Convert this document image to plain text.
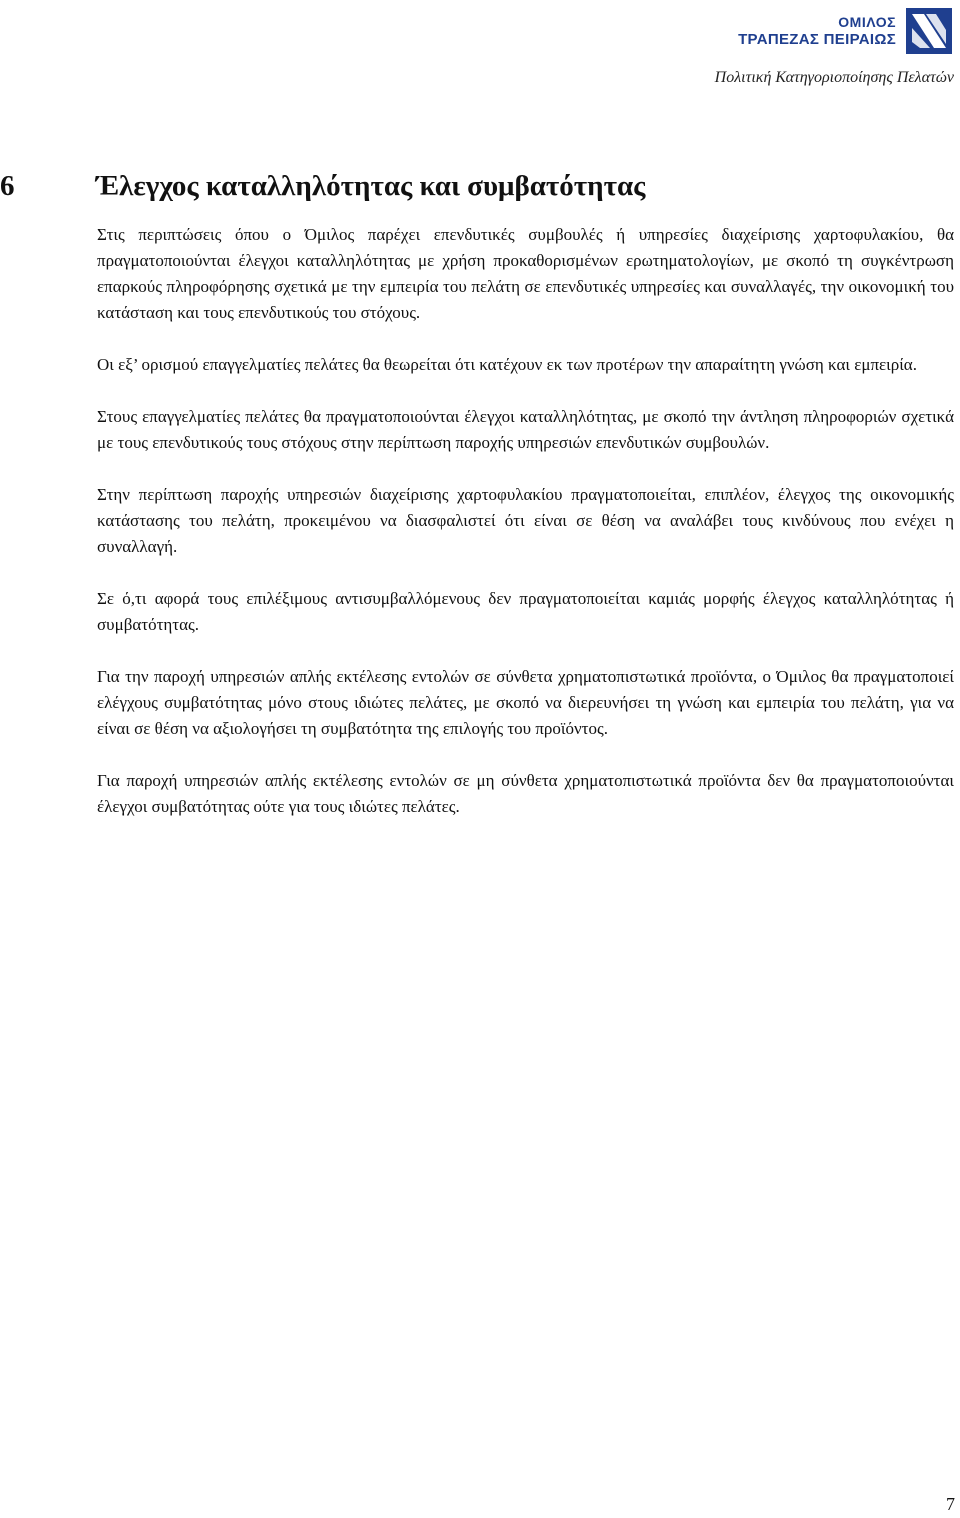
ΟΜΙΛΟΣ
ΤΡΑΠΕΖΑΣ ΠΕΙΡΑΙΩΣ
Πολιτική Κατηγοριοποίησης Πελατών
6	Έλεγχος καταλληλότητας και συμβατότητας

Στις περιπτώσεις όπου ο Όμιλος παρέχει επενδυτικές συμβουλές ή υπηρεσίες διαχείρισης χαρτοφυλακίου, θα πραγματοποιούνται έλεγχοι καταλληλότητας με χρήση προκαθορισμένων ερωτηματολογίων, με σκοπό τη συγκέντρωση επαρκούς πληροφόρησης σχετικά με την εμπειρία του πελάτη σε επενδυτικές υπηρεσίες και συναλλαγές, την οικονομική του κατάσταση και τους επενδυτικούς του στόχους.

Οι εξ’ ορισμού επαγγελματίες πελάτες θα θεωρείται ότι κατέχουν εκ των προτέρων την απαραίτητη γνώση και εμπειρία.

Στους επαγγελματίες πελάτες θα πραγματοποιούνται έλεγχοι καταλληλότητας, με σκοπό την άντληση πληροφοριών σχετικά με τους επενδυτικούς τους στόχους στην περίπτωση παροχής υπηρεσιών επενδυτικών συμβουλών.

Στην περίπτωση παροχής υπηρεσιών διαχείρισης χαρτοφυλακίου πραγματοποιείται, επιπλέον, έλεγχος της οικονομικής κατάστασης του πελάτη, προκειμένου να διασφαλιστεί ότι είναι σε θέση να αναλάβει τους κινδύνους που ενέχει η συναλλαγή.

Σε ό,τι αφορά τους επιλέξιμους αντισυμβαλλόμενους δεν πραγματοποιείται καμιάς μορφής έλεγχος καταλληλότητας ή συμβατότητας.

Για την παροχή υπηρεσιών απλής εκτέλεσης εντολών σε σύνθετα χρηματοπιστωτικά προϊόντα, ο Όμιλος θα πραγματοποιεί ελέγχους συμβατότητας μόνο στους ιδιώτες πελάτες, με σκοπό να διερευνήσει τη γνώση και εμπειρία του πελάτη, για να είναι σε θέση να αξιολογήσει τη συμβατότητα της επιλογής του προϊόντος.

Για παροχή υπηρεσιών απλής εκτέλεσης εντολών σε μη σύνθετα χρηματοπιστωτικά προϊόντα δεν θα πραγματοποιούνται έλεγχοι συμβατότητας ούτε για τους ιδιώτες πελάτες.

7
